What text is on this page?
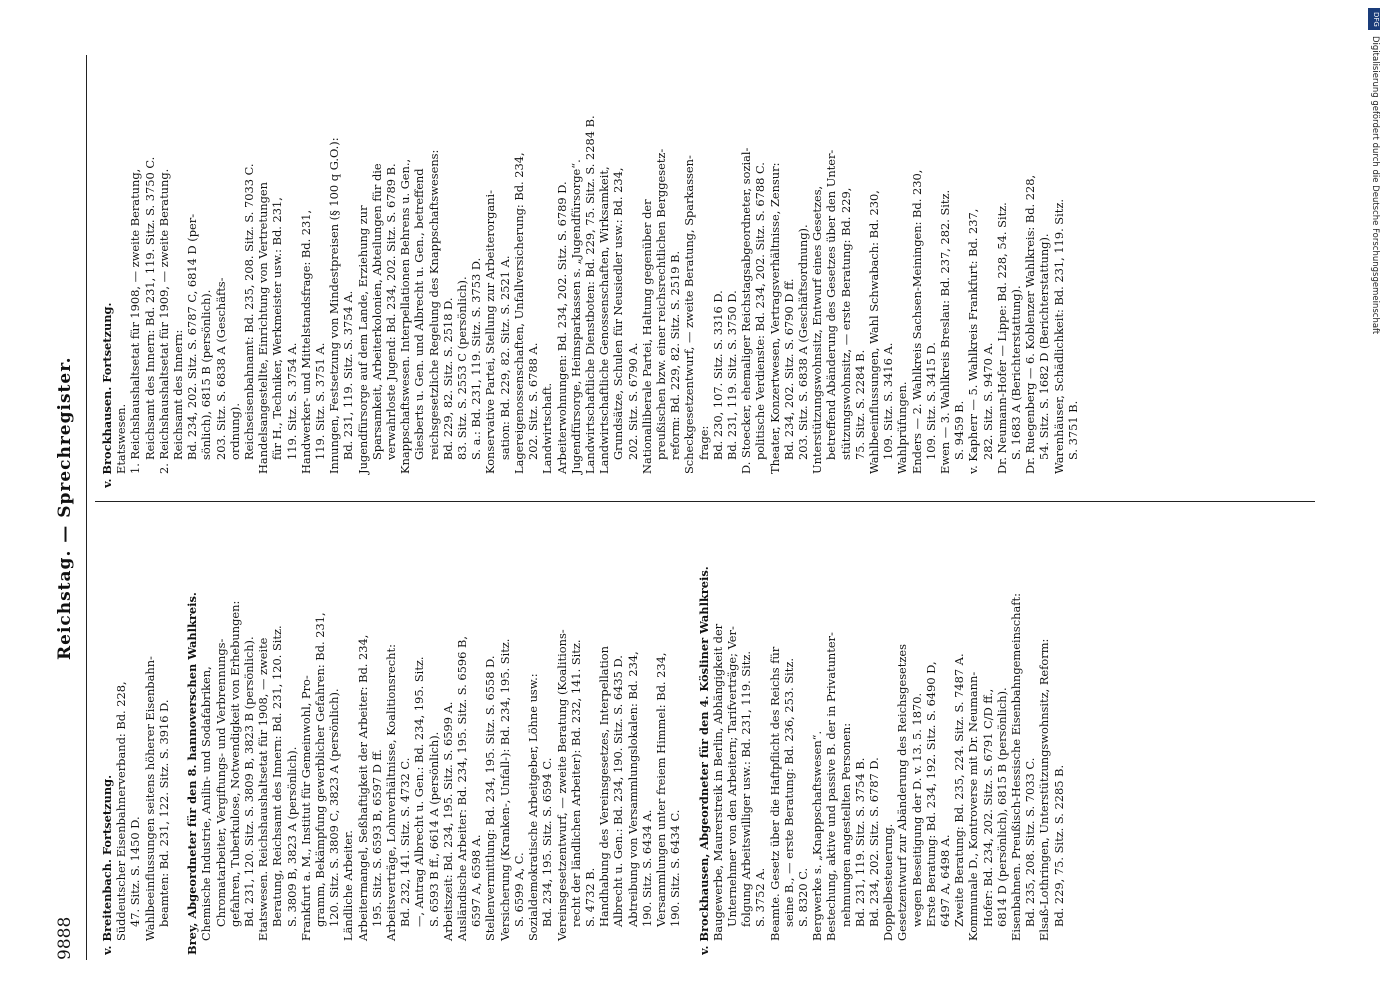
9888
Reichstag. — Sprechregister.
v. Breitenbach. Fortsetzung. Süddeutscher Eisenbahnerverband: Bd. 228, 47. Sitz. S. 1450 D. Wahlbeeinflussungen seitens höherer Eisenbahn- beamten: Bd. 231, 122. Sitz. S. 3916 D.
Brey, Abgeordneter für den 8. hannoverschen Wahlkreis. Chemische Industrie, Anilin- und Sodafabriken, Chromatarbeiter, Vergiftungs- und Verbrennungs- gefahren, Tuberkulose, Notwendigkeit von Erhebungen: Bd. 231, 120. Sitz. S. 3809 B, 3823 B (persönlich). Etatswesen. Reichshaushaltsetat für 1908, — zweite Beratung, Reichsamt des Innern: Bd. 231, 120. Sitz. S. 3809 B, 3823 A (persönlich). Frankfurt a. M., Institut für Gemeinwohl, Pro- gramm, Bekämpfung gewerblicher Gefahren: Bd. 231, 120. Sitz. S. 3809 C, 3823 A (persönlich). Ländliche Arbeiter. Arbeitermangel, Seßhaftigkeit der Arbeiter: Bd. 234, 195. Sitz. S. 6593 B, 6597 D ff. Arbeitsverträge, Lohnverhältnisse, Koalitionsrecht: Bd. 232, 141. Sitz. S. 4732 C. —, Antrag Albrecht u. Gen.: Bd. 234, 195. Sitz. S. 6593 B ff., 6614 A (persönlich). Arbeitszeit: Bd. 234, 195. Sitz. S. 6599 A. Ausländische Arbeiter: Bd. 234, 195. Sitz. S. 6596 B, 6597 A, 6598 A. Stellenvermittlung: Bd. 234, 195. Sitz. S. 6558 D. Versicherung (Kranken-, Unfall-): Bd. 234, 195. Sitz. S. 6599 A, C. Sozialdemokratische Arbeitgeber, Löhne usw.: Bd. 234, 195. Sitz. S. 6594 C. Vereinsgesetzentwurf, — zweite Beratung (Koalitions- recht der ländlichen Arbeiter): Bd. 232, 141. Sitz. S. 4732 B. Handhabung des Vereinsgesetzes, Interpellation Albrecht u. Gen.: Bd. 234, 190. Sitz. S. 6435 D. Abtreibung von Versammlungslokalen: Bd. 234, 190. Sitz. S. 6434 A. Versammlungen unter freiem Himmel: Bd. 234, 190. Sitz. S. 6434 C.
v. Brockhausen, Abgeordneter für den 4. Kösliner Wahlkreis. Baugewerbe, Maurerstreik in Berlin, Abhängigkeit der Unternehmer von den Arbeitern; Tarifverträge; Ver- folgung Arbeitswilliger usw.: Bd. 231, 119. Sitz. S. 3752 A. Beamte. Gesetz über die Haftpflicht des Reichs für seine B., — erste Beratung: Bd. 236, 253. Sitz. S. 8320 C. Bergwerke s. „Knappschaftswesen“. Bestechung, aktive und passive B. der in Privatunter- nehmungen angestellten Personen: Bd. 231, 119. Sitz. S. 3754 B. Bd. 234, 202. Sitz. S. 6787 D. Doppelbesteuerung. Gesetzentwurf zur Abänderung des Reichsgesetzes wegen Beseitigung der D. v. 13. 5. 1870. Erste Beratung: Bd. 234, 192. Sitz. S. 6490 D, 6497 A, 6498 A. Zweite Beratung: Bd. 235, 224. Sitz. S. 7487 A. Kommunale D., Kontroverse mit Dr. Neumann- Hofer: Bd. 234, 202. Sitz. S. 6791 C/D ff., 6814 D (persönlich), 6815 B (persönlich). Eisenbahnen. Preußisch-Hessische Eisenbahngemeinschaft: Bd. 235, 208. Sitz. S. 7033 C. Elsaß-Lothringen, Unterstützungswohnsitz, Reform: Bd. 229, 75. Sitz. S. 2285 B.
v. Brockhausen. Fortsetzung. Etatswesen. 1. Reichshaushaltsetat für 1908, — zweite Beratung, Reichsamt des Innern: Bd. 231, 119. Sitz. S. 3750 C. 2. Reichshaushaltsetat für 1909, — zweite Beratung. Reichsamt des Innern: Bd. 234, 202. Sitz. S. 6787 C, 6814 D (per- sönlich), 6815 B (persönlich). 203. Sitz. S. 6838 A (Geschäfts- ordnung). Reichseisenbahnamt: Bd. 235, 208. Sitz. S. 7033 C. Handelsangestellte, Einrichtung von Vertretungen für H., Techniker, Werkmeister usw.: Bd. 231, 119. Sitz. S. 3754 A. Handwerker- und Mittelstandsfrage: Bd. 231, 119. Sitz. S. 3751 A. Innungen, Festsetzung von Mindestpreisen (§ 100 q G.O.): Bd. 231, 119. Sitz. S. 3754 A. Jugendfürsorge auf dem Lande, Erziehung zur Sparsamkeit, Arbeiterkolonien, Abteilungen für die verwahrloste Jugend: Bd. 234, 202. Sitz. S. 6789 B. Knappschaftswesen. Interpellationen Behrens u. Gen., Giesberts u. Gen. und Albrecht u. Gen., betreffend reichsgesetzliche Regelung des Knappschaftswesens: Bd. 229, 82. Sitz. S. 2518 D. 83. Sitz. S. 2553 C (persönlich). S. a.: Bd. 231, 119. Sitz. S. 3753 D. Konservative Partei, Stellung zur Arbeiterorgani- sation: Bd. 229, 82. Sitz. S. 2521 A. Lagereigenossenschaften, Unfallversicherung: Bd. 234, 202. Sitz. S. 6788 A. Landwirtschaft. Arbeiterwohnungen: Bd. 234, 202. Sitz. S. 6789 D. Jugendfürsorge, Heimsparkassen s. „Jugendfürsorge“. Landwirtschaftliche Dienstboten: Bd. 229, 75. Sitz. S. 2284 B. Landwirtschaftliche Genossenschaften, Wirksamkeit, Grundsätze, Schulen für Neusiedler usw.: Bd. 234, 202. Sitz. S. 6790 A. Nationalliberale Partei, Haltung gegenüber der preußischen bzw. einer reichsrechtlichen Berggesetz- reform: Bd. 229, 82. Sitz. S. 2519 B. Scheckgesetzentwurf, — zweite Beratung, Sparkassen- frage: Bd. 230, 107. Sitz. S. 3316 D. Bd. 231, 119. Sitz. S. 3750 D. D. Stoecker, ehemaliger Reichstagsabgeordneter, sozial- politische Verdienste: Bd. 234, 202. Sitz. S. 6788 C. Theater, Konzertwesen, Vertragsverhältnisse, Zensur: Bd. 234, 202. Sitz. S. 6790 D ff. 203. Sitz. S. 6838 A (Geschäftsordnung). Unterstützungswohnsitz, Entwurf eines Gesetzes, betreffend Abänderung des Gesetzes über den Unter- stützungswohnsitz, — erste Beratung: Bd. 229, 75. Sitz. S. 2284 B. Wahlbeeinflussungen, Wahl Schwabach: Bd. 230, 109. Sitz. S. 3416 A. Wahlprüfungen. Enders — 2. Wahlkreis Sachsen-Meiningen: Bd. 230, 109. Sitz. S. 3415 D. Ewen — 3. Wahlkreis Breslau: Bd. 237, 282. Sitz. S. 9459 B. v. Kapherr — 5. Wahlkreis Frankfurt: Bd. 237, 282. Sitz. S. 9470 A. Dr. Neumann-Hofer — Lippe: Bd. 228, 54. Sitz. S. 1683 A (Berichterstattung). Dr. Ruegenberg — 6. Koblenzer Wahlkreis: Bd. 228, 54. Sitz. S. 1682 D (Berichterstattung). Warenhäuser, Schädlichkeit: Bd. 231, 119. Sitz. S. 3751 B.
DFG
Digitalisierung gefördert durch die Deutsche Forschungsgemeinschaft
